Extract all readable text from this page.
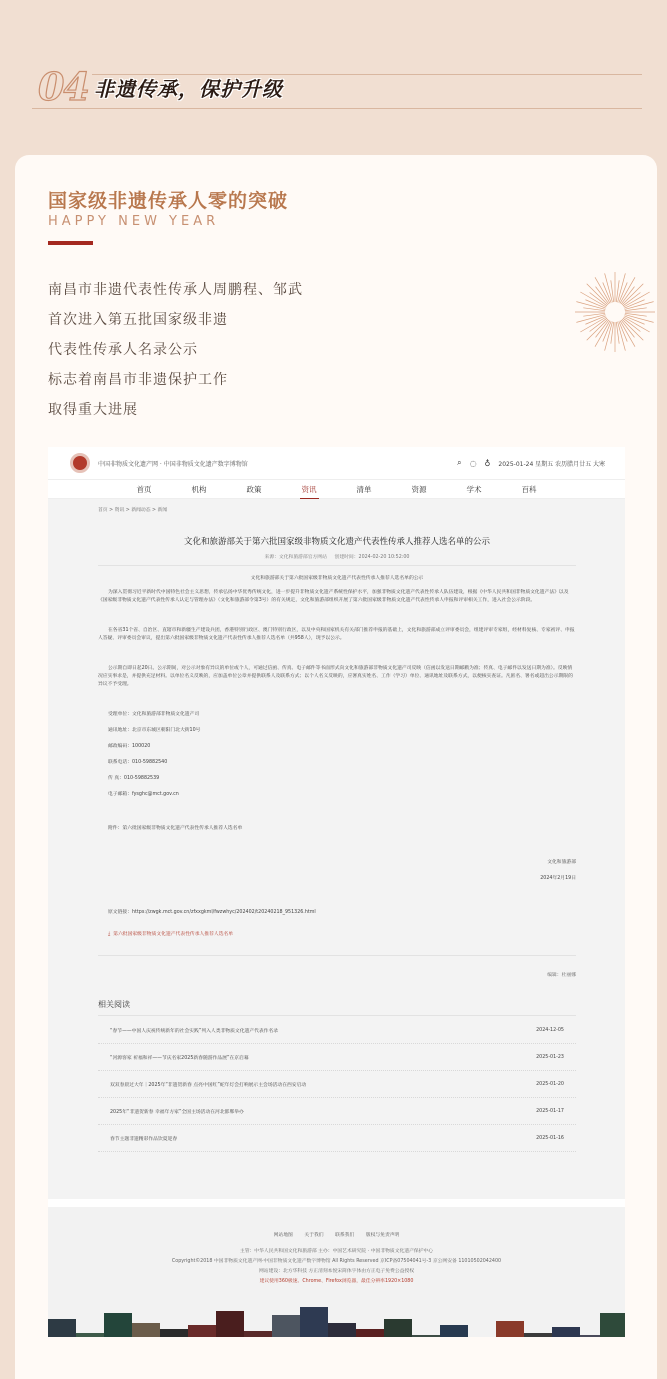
04 非遗传承，保护升级
国家级非遗传承人零的突破
HAPPY NEW YEAR

南昌市非遗代表性传承人周鹏程、邹武

首次进入第五批国家级非遗

代表性传承人名录公示

标志着南昌市非遗保护工作

取得重大进展

中国非物质文化遗产网 · 中国非物质文化遗产数字博物馆	⌕ ◌ ♁ 2025-01-24 星期五 农历腊月廿五 大寒
首页	机构	政策	资讯	清单	资源	学术	百科
首页 > 资讯 > 新闻动态 > 新闻
文化和旅游部关于第六批国家级非物质文化遗产代表性传承人推荐人选名单的公示
来源：文化和旅游部官方网站 创建时间：2024-02-20 10:52:00
文化和旅游部关于第六批国家级非物质文化遗产代表性传承人推荐人选名单的公示
为深入贯彻习近平新时代中国特色社会主义思想，传承弘扬中华优秀传统文化，进一步提升非物质文化遗产系统性保护水平，加强非物质文化遗产代表性传承人队伍建设，根据《中华人民共和国非物质文化遗产法》以及《国家级非物质文化遗产代表性传承人认定与管理办法》（文化和旅游部令第3号）的有关规定，文化和旅游部组织开展了第六批国家级非物质文化遗产代表性传承人申报和评审相关工作，进入社会公示阶段。
在各省31个省、自治区、直辖市和新疆生产建设兵团，香港特别行政区、澳门特别行政区，以及中央和国家机关有关部门推荐申报的基础上，文化和旅游部成立评审委员会，组建评审专家组，经材料复核、专家初评、申报人答疑、评审委员会审议，提出第六批国家级非物质文化遗产代表性传承人推荐人选名单（共958人），现予以公示。
公示期自即日起20日。公示期间，对公示对象有异议的单位或个人，可通过信函、传真、电子邮件等书面形式向文化和旅游部非物质文化遗产司反映（信函以发送日期邮戳为准；传真、电子邮件以发送日期为准）。反映情况应实事求是，并提供充足材料。以单位名义反映的，应加盖单位公章并提供联系人及联系方式；以个人名义反映的，应署真实姓名、工作（学习）单位、通讯地址及联系方式，以便核实查证。凡匿名、署名或超出公示期限的异议不予受理。
受理单位：文化和旅游部非物质文化遗产司
通讯地址：北京市东城区朝阳门北大街10号
邮政编码：100020
联系电话：010-59882540
传 真：010-59882539
电子邮箱：fysghc@mct.gov.cn
附件：第六批国家级非物质文化遗产代表性传承人推荐人选名单
文化和旅游部
2024年2月19日
原文链接：https://zwgk.mct.gov.cn/zfxxgkml/fwzwhyc/202402/t20240218_951326.html
⤓  第六批国家级非物质文化遗产代表性传承人推荐人选名单
编辑：杜丽娜
相关阅读
“春节——中国人庆祝传统新年的社会实践”列入人类非物质文化遗产代表作名录	2024-12-05
“河源客家 祈福和祥——节庆名家2025新春随游作品展”在京启幕	2025-01-23
双双春晨过大年｜2025年“非遗贺新春 点亮中国红”蛇年灯会打响展示主会场活动在西安启动	2025-01-20
2025年“非遗贺新春 幸福年方家”全国主场活动在河北邯郸举办	2025-01-17
春节主题非遗精彩作品饮夏迎春	2025-01-16
网站地图 关于我们 联系我们 版权与免责声明
主管：中华人民共和国文化和旅游部 主办：中国艺术研究院 · 中国非物质文化遗产保护中心
Copyright©2018 中国非物质文化遗产网·中国非物质文化遗产数字博物馆 All Rights Reserved 京ICP备07504041号-3 京公网安备 11010502042400
网站建设：北方华科技 方正清刻本悦宋简体字体由方正电子免费公益授权
建议使用360极速、Chrome、Firefox浏览器，最佳分辨率1920×1080
